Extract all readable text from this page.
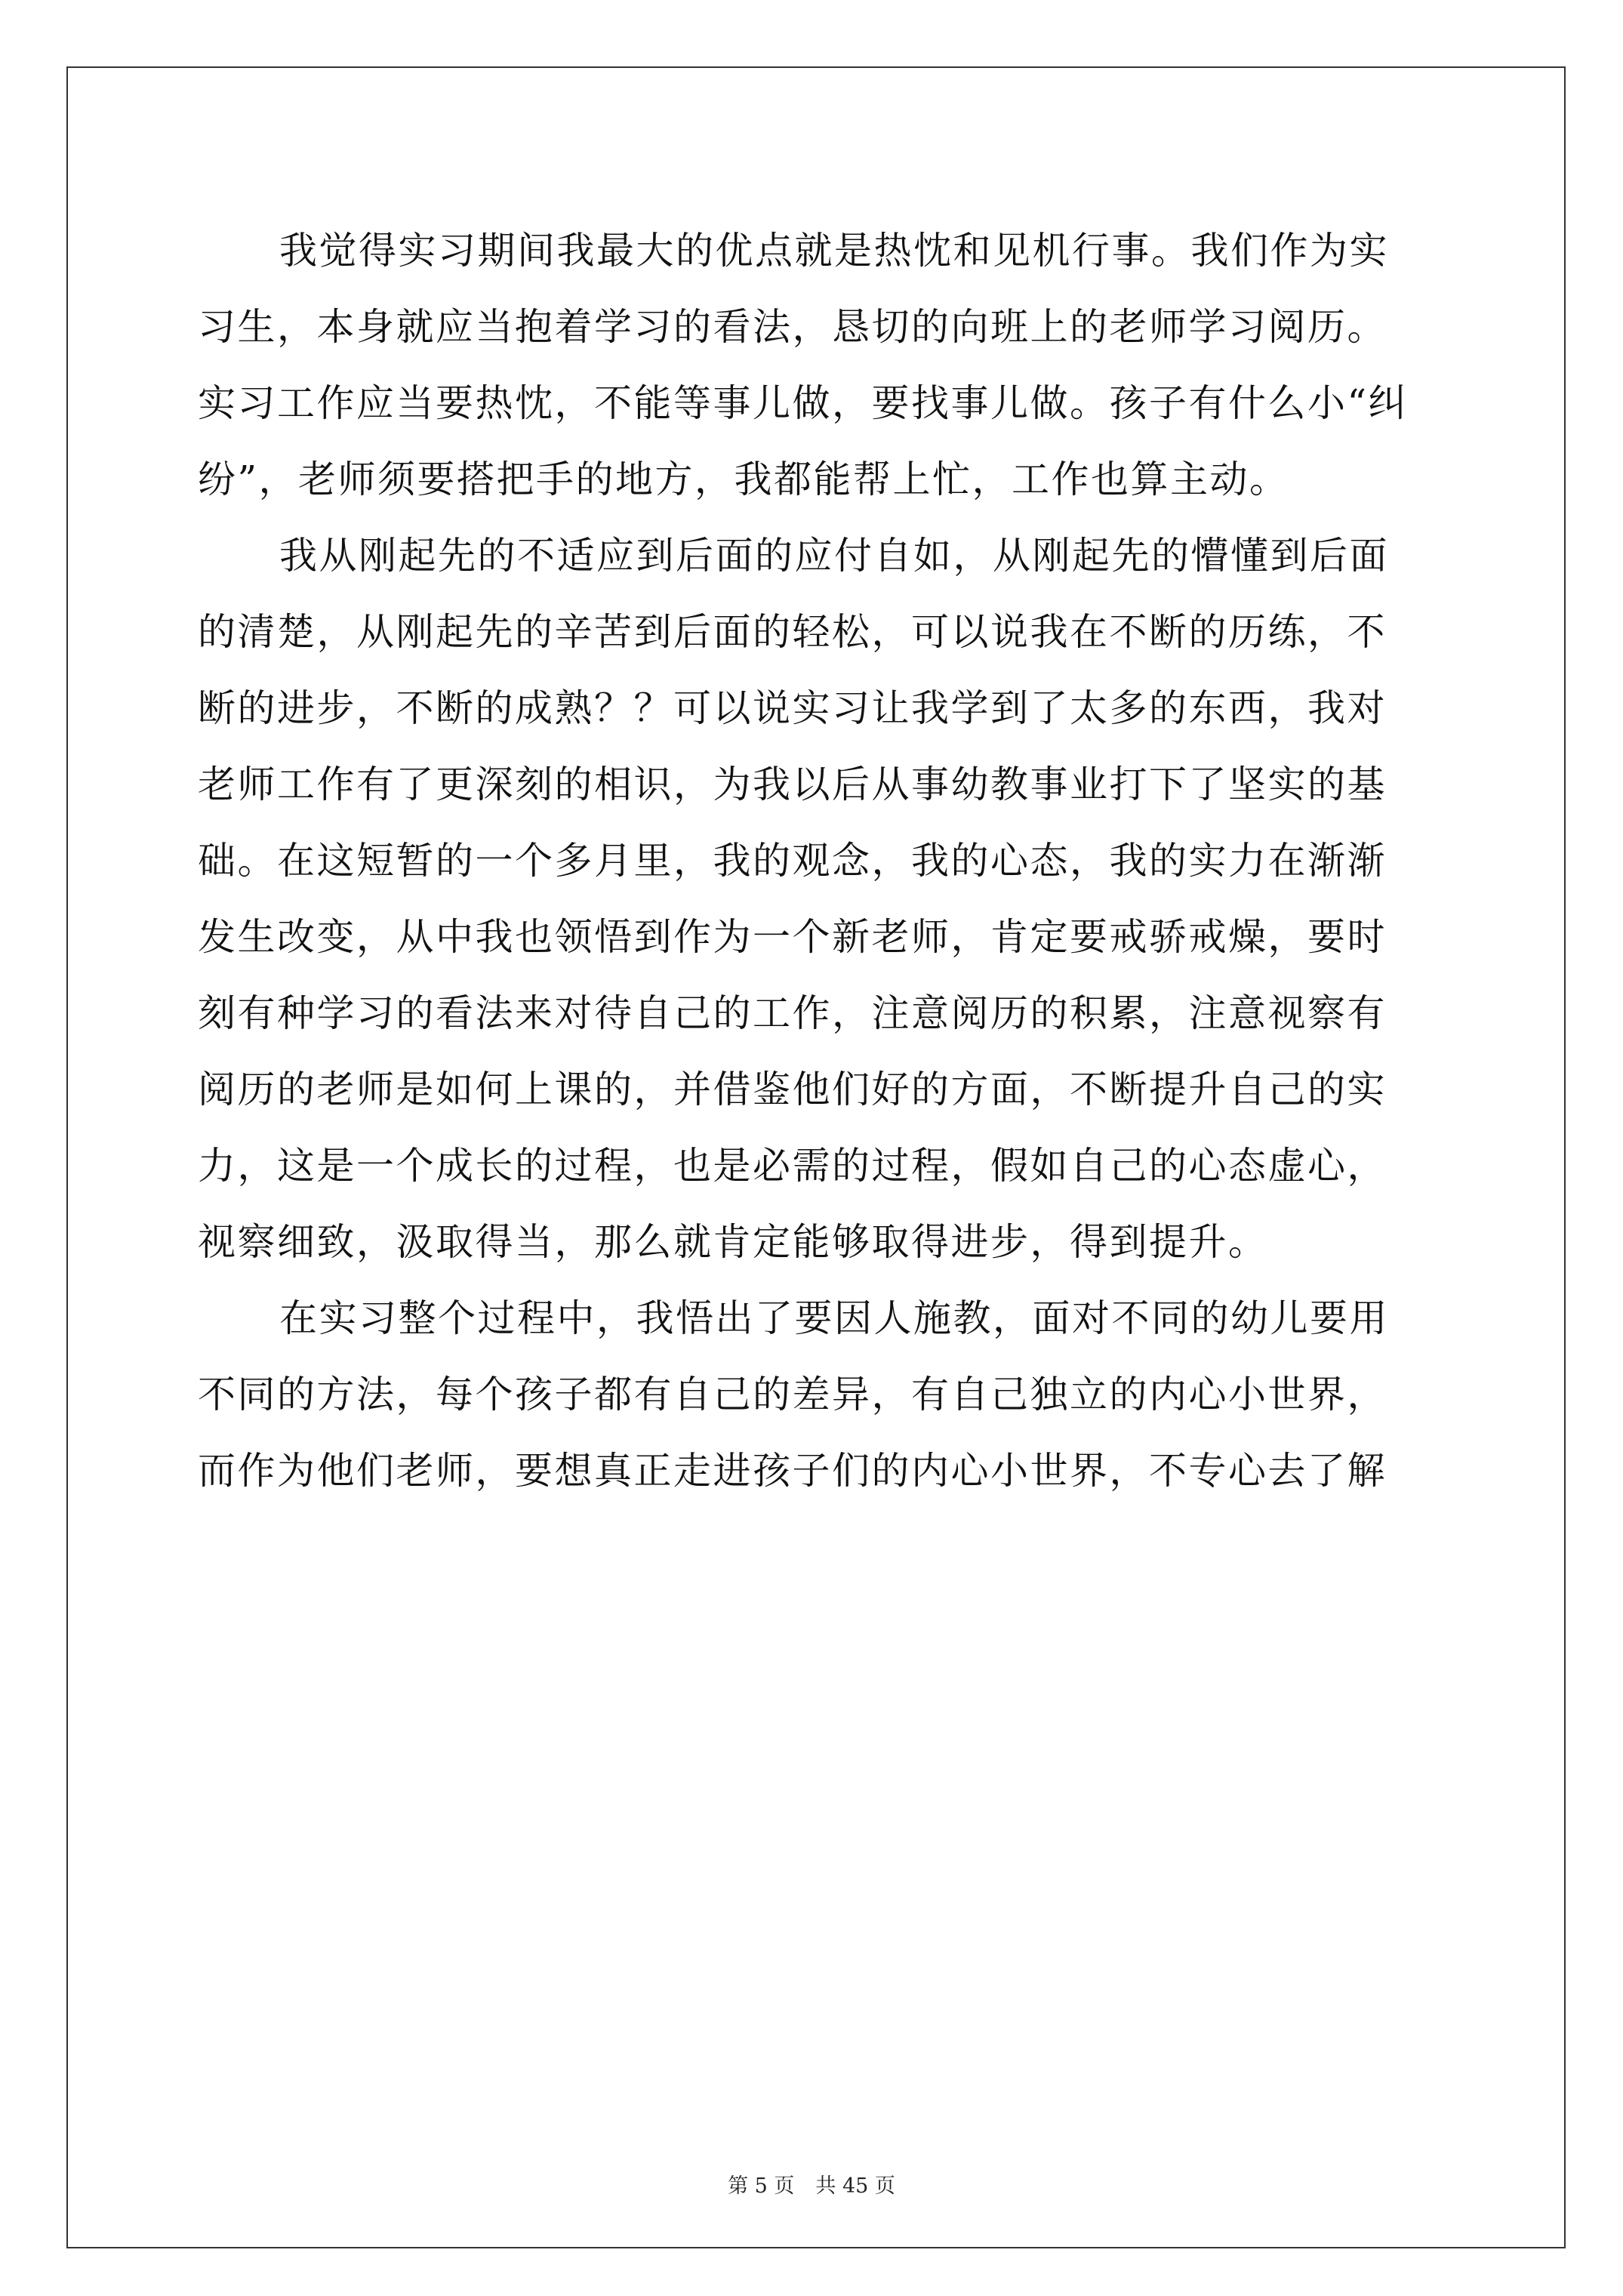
我觉得实习期间我最大的优点就是热忱和见机行事。我们作为实
习生，本身就应当抱着学习的看法，恳切的向班上的老师学习阅历。
实习工作应当要热忱，不能等事儿做，要找事儿做。孩子有什么小“纠
纷”，老师须要搭把手的地方，我都能帮上忙，工作也算主动。
我从刚起先的不适应到后面的应付自如，从刚起先的懵懂到后面
的清楚，从刚起先的辛苦到后面的轻松，可以说我在不断的历练，不
断的进步，不断的成熟？？可以说实习让我学到了太多的东西，我对
老师工作有了更深刻的相识，为我以后从事幼教事业打下了坚实的基
础。在这短暂的一个多月里，我的观念，我的心态，我的实力在渐渐
发生改变，从中我也领悟到作为一个新老师，肯定要戒骄戒燥，要时
刻有种学习的看法来对待自己的工作，注意阅历的积累，注意视察有
阅历的老师是如何上课的，并借鉴他们好的方面，不断提升自己的实
力，这是一个成长的过程，也是必需的过程，假如自己的心态虚心，
视察细致，汲取得当，那么就肯定能够取得进步，得到提升。
在实习整个过程中，我悟出了要因人施教，面对不同的幼儿要用
不同的方法，每个孩子都有自己的差异，有自己独立的内心小世界，
而作为他们老师，要想真正走进孩子们的内心小世界，不专心去了解
第 5 页 共 45 页
